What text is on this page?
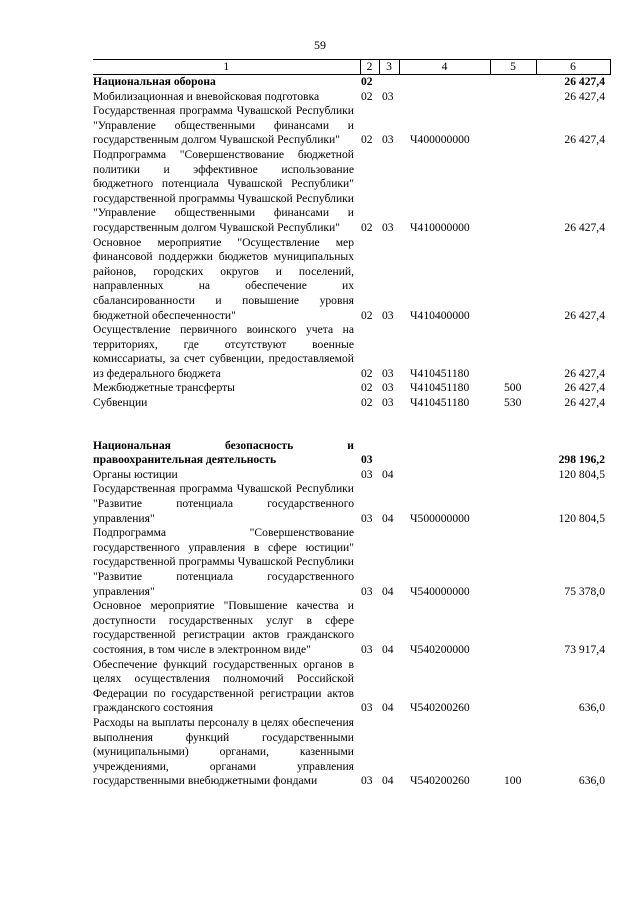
59
1	2	3	4	5	6
Национальная оборона	02				26 427,4
Мобилизационная и вневойсковая подготовка	02	03			26 427,4
Государственная программа Чувашской Республики "Управление общественными финансами и государственным долгом Чувашской Республики"	02	03	Ч400000000		26 427,4
Подпрограмма "Совершенствование бюджетной политики и эффективное использование бюджетного потенциала Чувашской Республики" государственной программы Чувашской Республики "Управление общественными финансами и государственным долгом Чувашской Республики"	02	03	Ч410000000		26 427,4
Основное мероприятие "Осуществление мер финансовой поддержки бюджетов муниципальных районов, городских округов и поселений, направленных на обеспечение их сбалансированности и повышение уровня бюджетной обеспеченности"	02	03	Ч410400000		26 427,4
Осуществление первичного воинского учета на территориях, где отсутствуют военные комиссариаты, за счет субвенции, предоставляемой из федерального бюджета	02	03	Ч410451180		26 427,4
Межбюджетные трансферты	02	03	Ч410451180	500	26 427,4
Субвенции	02	03	Ч410451180	530	26 427,4

Национальная безопасность и правоохранительная деятельность	03				298 196,2
Органы юстиции	03	04			120 804,5
Государственная программа Чувашской Республики "Развитие потенциала государственного управления"	03	04	Ч500000000		120 804,5
Подпрограмма "Совершенствование государственного управления в сфере юстиции" государственной программы Чувашской Республики "Развитие потенциала государственного управления"	03	04	Ч540000000		75 378,0
Основное мероприятие "Повышение качества и доступности государственных услуг в сфере государственной регистрации актов гражданского состояния, в том числе в электронном виде"	03	04	Ч540200000		73 917,4
Обеспечение функций государственных органов в целях осуществления полномочий Российской Федерации по государственной регистрации актов гражданского состояния	03	04	Ч540200260		636,0
Расходы на выплаты персоналу в целях обеспечения выполнения функций государственными (муниципальными) органами, казенными учреждениями, органами управления государственными внебюджетными фондами	03	04	Ч540200260	100	636,0
